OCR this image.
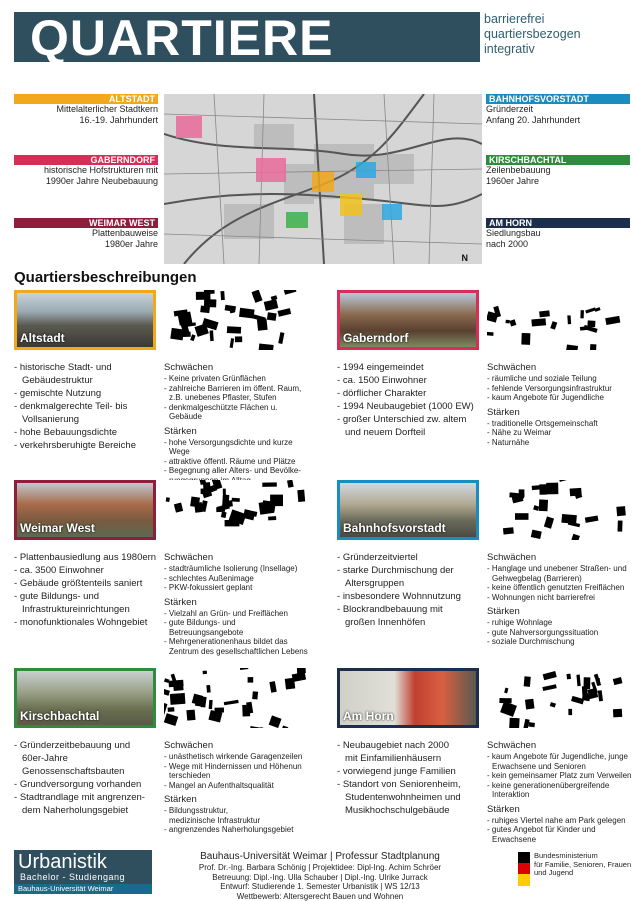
QUARTIERE	barrierefrei
quartiersbezogen
integrativ
ALTSTADT
Mittelalterlicher Stadtkern
16.-19. Jahrhundert
GABERNDORF
historische Hofstrukturen mit
1990er Jahre Neubebauung
WEIMAR WEST
Plattenbauweise
1980er Jahre
BAHNHOFSVORSTADT
Gründerzeit
Anfang 20. Jahrhundert
KIRSCHBACHTAL
Zeilenbebauung
1960er Jahre
AM HORN
Siedlungsbau
nach 2000
N
Quartiersbeschreibungen
Altstadt
- historische Stadt- und
Gebäudestruktur
- gemischte Nutzung
- denkmalgerechte Teil- bis
Vollsanierung
- hohe Bebauungsdichte
- verkehrsberuhigte Bereiche
Schwächen
- Keine privaten Grünflächen
- zahlreiche Barrieren im öffent. Raum,
z.B. unebenes Pflaster, Stufen
- denkmalgeschützte Flächen u. Gebäude
Stärken
- hohe Versorgungsdichte und kurze Wege
- attraktive öffentl. Räume und Plätze
- Begegnung aller Alters- und Bevölke-
Gaberndorf
- 1994 eingemeindet
- ca. 1500 Einwohner
- dörflicher Charakter
- 1994 Neubaugebiet (1000 EW)
- großer Unterschied zw. altem
und neuem Dorfteil
Schwächen
- räumliche und soziale Teilung
- fehlende Versorgungsinfrastruktur
- kaum Angebote für Jugendliche
Stärken
- traditionelle Ortsgemeinschaft
- Nähe zu Weimar
- Naturnähe
Weimar West
- Plattenbausiedlung aus 1980ern
- ca. 3500 Einwohner
- Gebäude größtenteils saniert
- gute Bildungs- und
Infrastruktureinrichtungen
- monofunktionales Wohngebiet
Schwächen
- stadträumliche Isolierung (Insellage)
- schlechtes Außenimage
- PKW-fokussiert geplant
Stärken
- Vielzahl an Grün- und Freiflächen
- gute Bildungs- und Betreuungsangebote
- Mehrgenerationenhaus bildet das
Zentrum des gesellschaftlichen Lebens
Bahnhofsvorstadt
- Gründerzeitviertel
- starke Durchmischung der
Altersgruppen
- insbesondere Wohnnutzung
- Blockrandbebauung mit
großen Innenhöfen
Schwächen
- Hanglage und unebener Straßen- und
Gehwegbelag (Barrieren)
- keine öffentlich genutzten Freiflächen
- Wohnungen nicht barrierefrei
Stärken
- ruhige Wohnlage
- gute Nahversorgungssituation
- soziale Durchmischung
Kirschbachtal
- Gründerzeitbebauung und
60er-Jahre
Genossenschaftsbauten
- Grundversorgung vorhanden
- Stadtrandlage mit angrenzen-
dem Naherholungsgebiet
Schwächen
- unästhetisch wirkende Garagenzeilen
- Wege mit Hindernissen und Höhenun
terschieden
- Mangel an Aufenthaltsqualität
Stärken
- Bildungsstruktur,
medizinische Infrastruktur
- angrenzendes Naherholungsgebiet
Am Horn
- Neubaugebiet nach 2000
mit Einfamilienhäusern
- vorwiegend junge Familien
- Standort von Seniorenheim,
Studentenwohnheimen und
Musikhochschulgebäude
Schwächen
- kaum Angebote für Jugendliche, junge
Erwachsene und Senioren
- kein gemeinsamer Platz zum Verweilen
- keine generationenübergreifende
Interaktion
Stärken
- ruhiges Viertel nahe am Park gelegen
- gutes Angebot für Kinder und
Erwachsene
Urbanistik
Bachelor - Studiengang
Bauhaus-Universität Weimar
Bauhaus-Universität Weimar | Professur Stadtplanung
Prof. Dr.-Ing. Barbara Schönig | Projektidee: Dipl-Ing. Achim Schröer
Betreuung: Dipl.-Ing. Ulla Schauber | Dipl.-Ing. Ulrike Jurrack
Entwurf: Studierende 1. Semester Urbanistik | WS 12/13
Wettbewerb: Altersgerecht Bauen und Wohnen
Bundesministerium
für Familie, Senioren, Frauen
und Jugend
